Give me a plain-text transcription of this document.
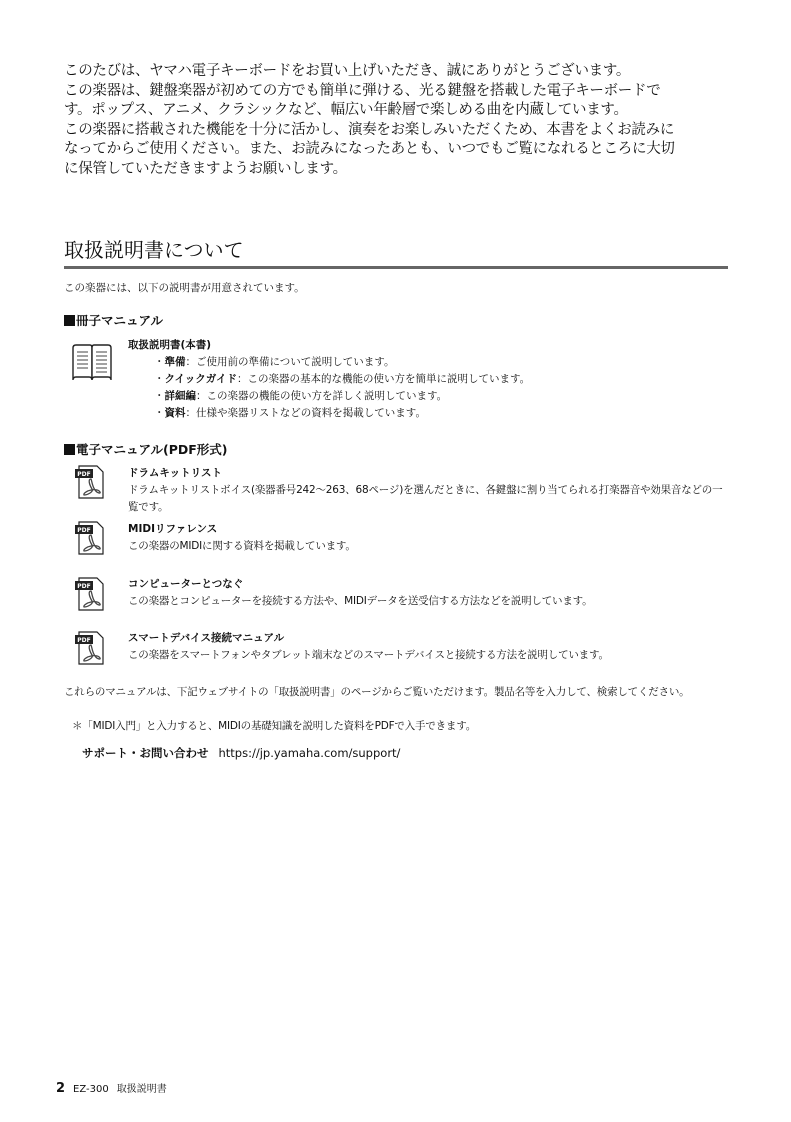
このたびは、ヤマハ電子キーボードをお買い上げいただき、誠にありがとうございます。

この楽器は、鍵盤楽器が初めての方でも簡単に弾ける、光る鍵盤を搭載した電子キーボードで

す。ポップス、アニメ、クラシックなど、幅広い年齢層で楽しめる曲を内蔵しています。

この楽器に搭載された機能を十分に活かし、演奏をお楽しみいただくため、本書をよくお読みに

なってからご使用ください。また、お読みになったあとも、いつでもご覧になれるところに大切

に保管していただきますようお願いします。

取扱説明書について
この楽器には、以下の説明書が用意されています。
冊子マニュアル
取扱説明書(本書)
・準備：ご使用前の準備について説明しています。
・クイックガイド：この楽器の基本的な機能の使い方を簡単に説明しています。
・詳細編：この楽器の機能の使い方を詳しく説明しています。
・資料：仕様や楽器リストなどの資料を掲載しています。
電子マニュアル(PDF形式)
PDF	ドラムキットリスト
ドラムキットリストボイス(楽器番号242～263、68ページ)を選んだときに、各鍵盤に割り当てられる打楽器音や効果音などの一覧です。
PDF	MIDIリファレンス
この楽器のMIDIに関する資料を掲載しています。
PDF	コンピューターとつなぐ
この楽器とコンピューターを接続する方法や、MIDIデータを送受信する方法などを説明しています。
PDF	スマートデバイス接続マニュアル
この楽器をスマートフォンやタブレット端末などのスマートデバイスと接続する方法を説明しています。
これらのマニュアルは、下記ウェブサイトの「取扱説明書」のページからご覧いただけます。製品名等を入力して、検索してください。
＊「MIDI入門」と入力すると、MIDIの基礎知識を説明した資料をPDFで入手できます。
サポート・お問い合わせ https://jp.yamaha.com/support/
2 EZ-300 取扱説明書
